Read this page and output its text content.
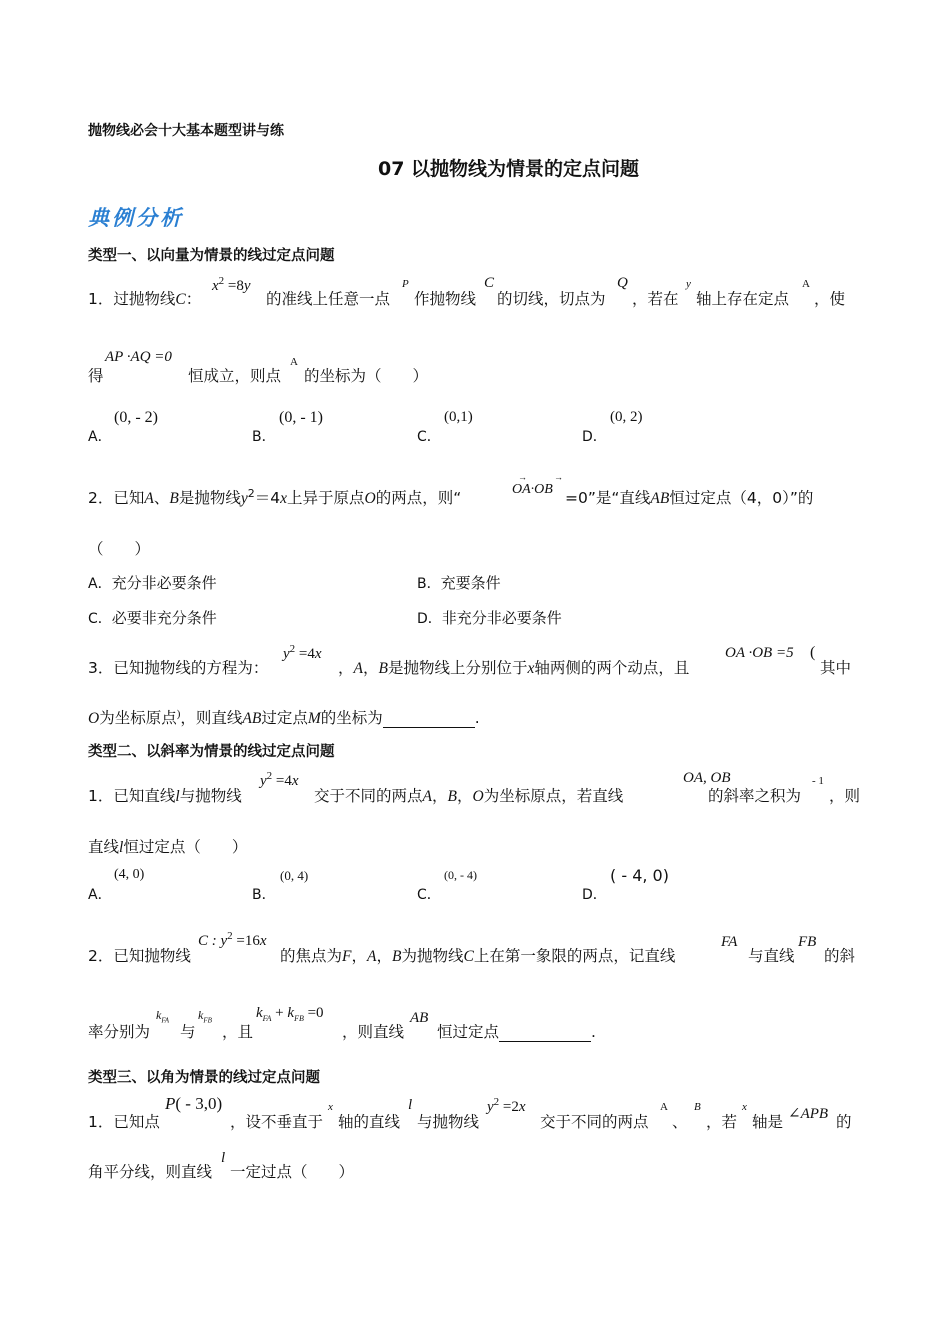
抛物线必会十大基本题型讲与练
07 以抛物线为情景的定点问题
典例分析
类型一、以向量为情景的线过定点问题
1．过抛物线C：
$x^2 =8y$
的准线上任意一点
P
作抛物线
C
的切线，切点为
Q
，若在
y
轴上存在定点
A
，使
得
AP ·AQ =0
恒成立，则点
A
的坐标为（　　）
A．
(0, - 2)
B．
(0, - 1)
C．
(0,1)
D．
(0, 2)
2．已知A、B是抛物线$y^2=4x$上异于原点O的两点，则“
→	→
OA·OB =0”是“直线AB恒过定点（4，0）”的
（　　）
A．充分非必要条件	B．充要条件
C．必要非充分条件	D．非充分非必要条件
3．已知抛物线的方程为：
$y^2 =4x$
，A，B是抛物线上分别位于x轴两侧的两个动点，且
OA ·OB =5 (
其中
O为坐标原点)，则直线AB过定点M的坐标为	.
类型二、以斜率为情景的线过定点问题
1．已知直线l与抛物线
$y^2 =4x$
交于不同的两点A，B，O为坐标原点，若直线
OA, OB
的斜率之积为
- 1
，则
直线l恒过定点（　　）
A．
(4, 0)
B．
(0, 4)
C．
(0, - 4)
D．
( - 4, 0)
2．已知抛物线
C : $y^2 =16x$
的焦点为F，A，B为抛物线C上在第一象限的两点，记直线
FA
与直线
FB
的斜
率分别为
$k_{FA}$
与
$k_{FB}$
，且
$k_{FA} + k_{FB} =0$
，则直线
AB
恒过定点	.
类型三、以角为情景的线过定点问题
1．已知点
P( - 3,0)
，设不垂直于
x
轴的直线
l
与抛物线
$y^2 =2x$
交于不同的两点
A
、
B
，若
x
轴是 ∠APB 的
角平分线，则直线
l
一定过点（　　）
